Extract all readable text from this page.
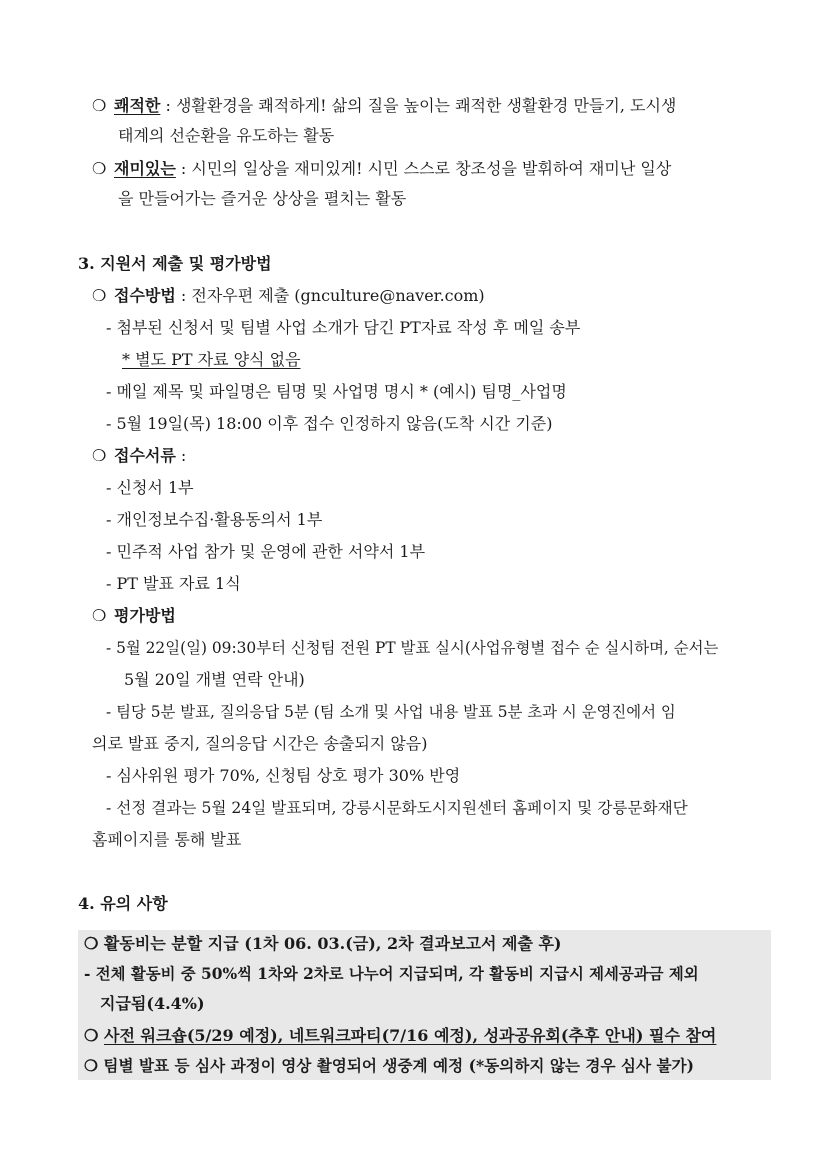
❍ 쾌적한 : 생활환경을 쾌적하게! 삶의 질을 높이는 쾌적한 생활환경 만들기, 도시생
태계의 선순환을 유도하는 활동
❍ 재미있는 : 시민의 일상을 재미있게! 시민 스스로 창조성을 발휘하여 재미난 일상
을 만들어가는 즐거운 상상을 펼치는 활동
3. 지원서 제출 및 평가방법
❍ 접수방법 : 전자우편 제출 (gnculture@naver.com)
- 첨부된 신청서 및 팀별 사업 소개가 담긴 PT자료 작성 후 메일 송부
* 별도 PT 자료 양식 없음
- 메일 제목 및 파일명은 팀명 및 사업명 명시 * (예시) 팀명_사업명
- 5월 19일(목) 18:00 이후 접수 인정하지 않음(도착 시간 기준)
❍ 접수서류 :
- 신청서 1부
- 개인정보수집·활용동의서 1부
- 민주적 사업 참가 및 운영에 관한 서약서 1부
- PT 발표 자료 1식
❍ 평가방법
- 5월 22일(일) 09:30부터 신청팀 전원 PT 발표 실시(사업유형별 접수 순 실시하며, 순서는
5월 20일 개별 연락 안내)
- 팀당 5분 발표, 질의응답 5분 (팀 소개 및 사업 내용 발표 5분 초과 시 운영진에서 임
의로 발표 중지, 질의응답 시간은 송출되지 않음)
- 심사위원 평가 70%, 신청팀 상호 평가 30% 반영
- 선정 결과는 5월 24일 발표되며, 강릉시문화도시지원센터 홈페이지 및 강릉문화재단
홈페이지를 통해 발표
4. 유의 사항
❍ 활동비는 분할 지급 (1차 06. 03.(금), 2차 결과보고서 제출 후)
- 전체 활동비 중 50%씩 1차와 2차로 나누어 지급되며, 각 활동비 지급시 제세공과금 제외
지급됨(4.4%)
❍ 사전 워크숍(5/29 예정), 네트워크파티(7/16 예정), 성과공유회(추후 안내) 필수 참여
❍ 팀별 발표 등 심사 과정이 영상 촬영되어 생중계 예정 (*동의하지 않는 경우 심사 불가)
